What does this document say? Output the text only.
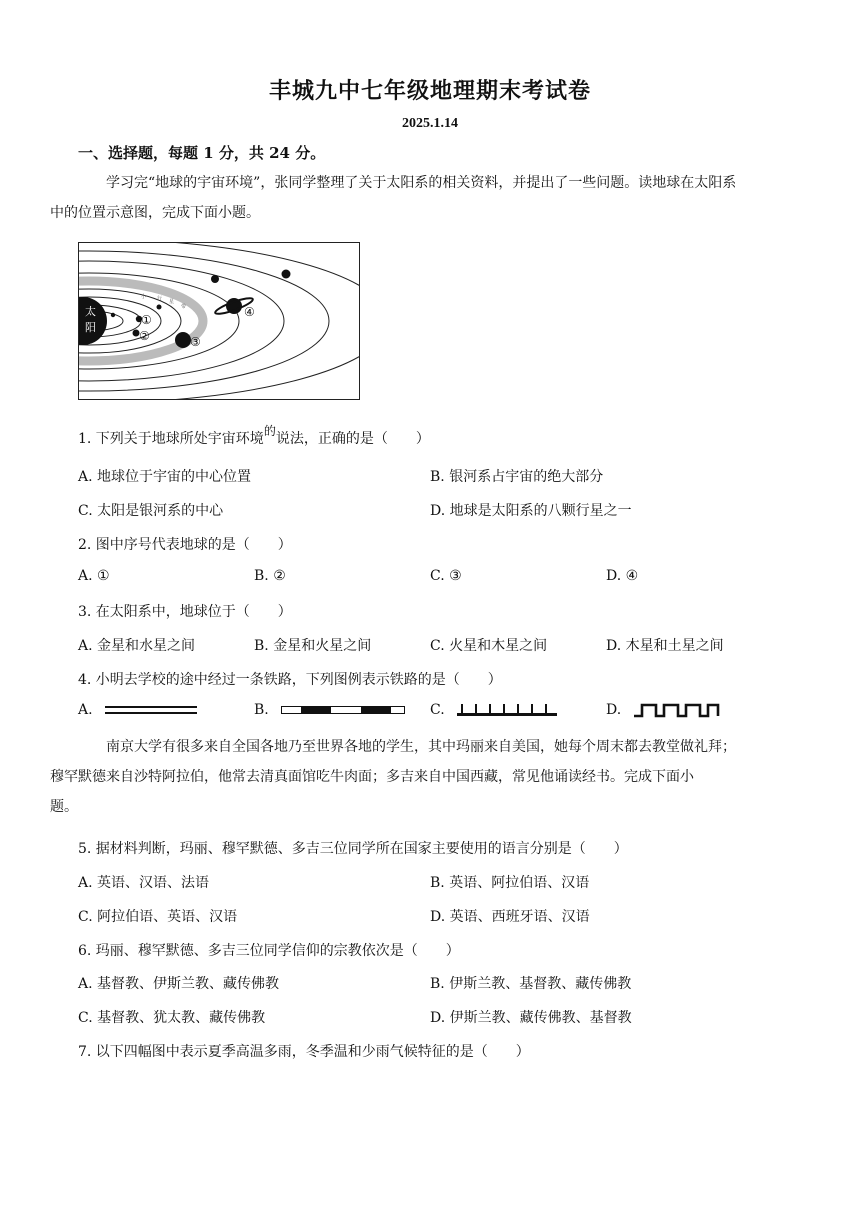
丰城九中七年级地理期末考试卷
2025.1.14
一、选择题，每题 1 分，共 24 分。
学习完“地球的宇宙环境”，张同学整理了关于太阳系的相关资料，并提出了一些问题。读地球在太阳系
中的位置示意图，完成下面小题。
小 行 星
带
太
阳
①
②	③
④
1. 下列关于地球所处宇宙环境的说法，正确的是（　　）
A. 地球位于宇宙的中心位置	B. 银河系占宇宙的绝大部分
C. 太阳是银河系的中心	D. 地球是太阳系的八颗行星之一
2. 图中序号代表地球的是（　　）
A. ①	B. ②	C. ③	D. ④
3. 在太阳系中，地球位于（　　）
A. 金星和水星之间	B. 金星和火星之间	C. 火星和木星之间	D. 木星和土星之间
4. 小明去学校的途中经过一条铁路，下列图例表示铁路的是（　　）
A.	B.	C.	D.
南京大学有很多来自全国各地乃至世界各地的学生，其中玛丽来自美国，她每个周末都去教堂做礼拜；
穆罕默德来自沙特阿拉伯，他常去清真面馆吃牛肉面；多吉来自中国西藏，常见他诵读经书。完成下面小
题。
5. 据材料判断，玛丽、穆罕默德、多吉三位同学所在国家主要使用的语言分别是（　　）
A. 英语、汉语、法语	B. 英语、阿拉伯语、汉语
C. 阿拉伯语、英语、汉语	D. 英语、西班牙语、汉语
6. 玛丽、穆罕默德、多吉三位同学信仰的宗教依次是（　　）
A. 基督教、伊斯兰教、藏传佛教	B. 伊斯兰教、基督教、藏传佛教
C. 基督教、犹太教、藏传佛教	D. 伊斯兰教、藏传佛教、基督教
7. 以下四幅图中表示夏季高温多雨，冬季温和少雨气候特征的是（　　）
